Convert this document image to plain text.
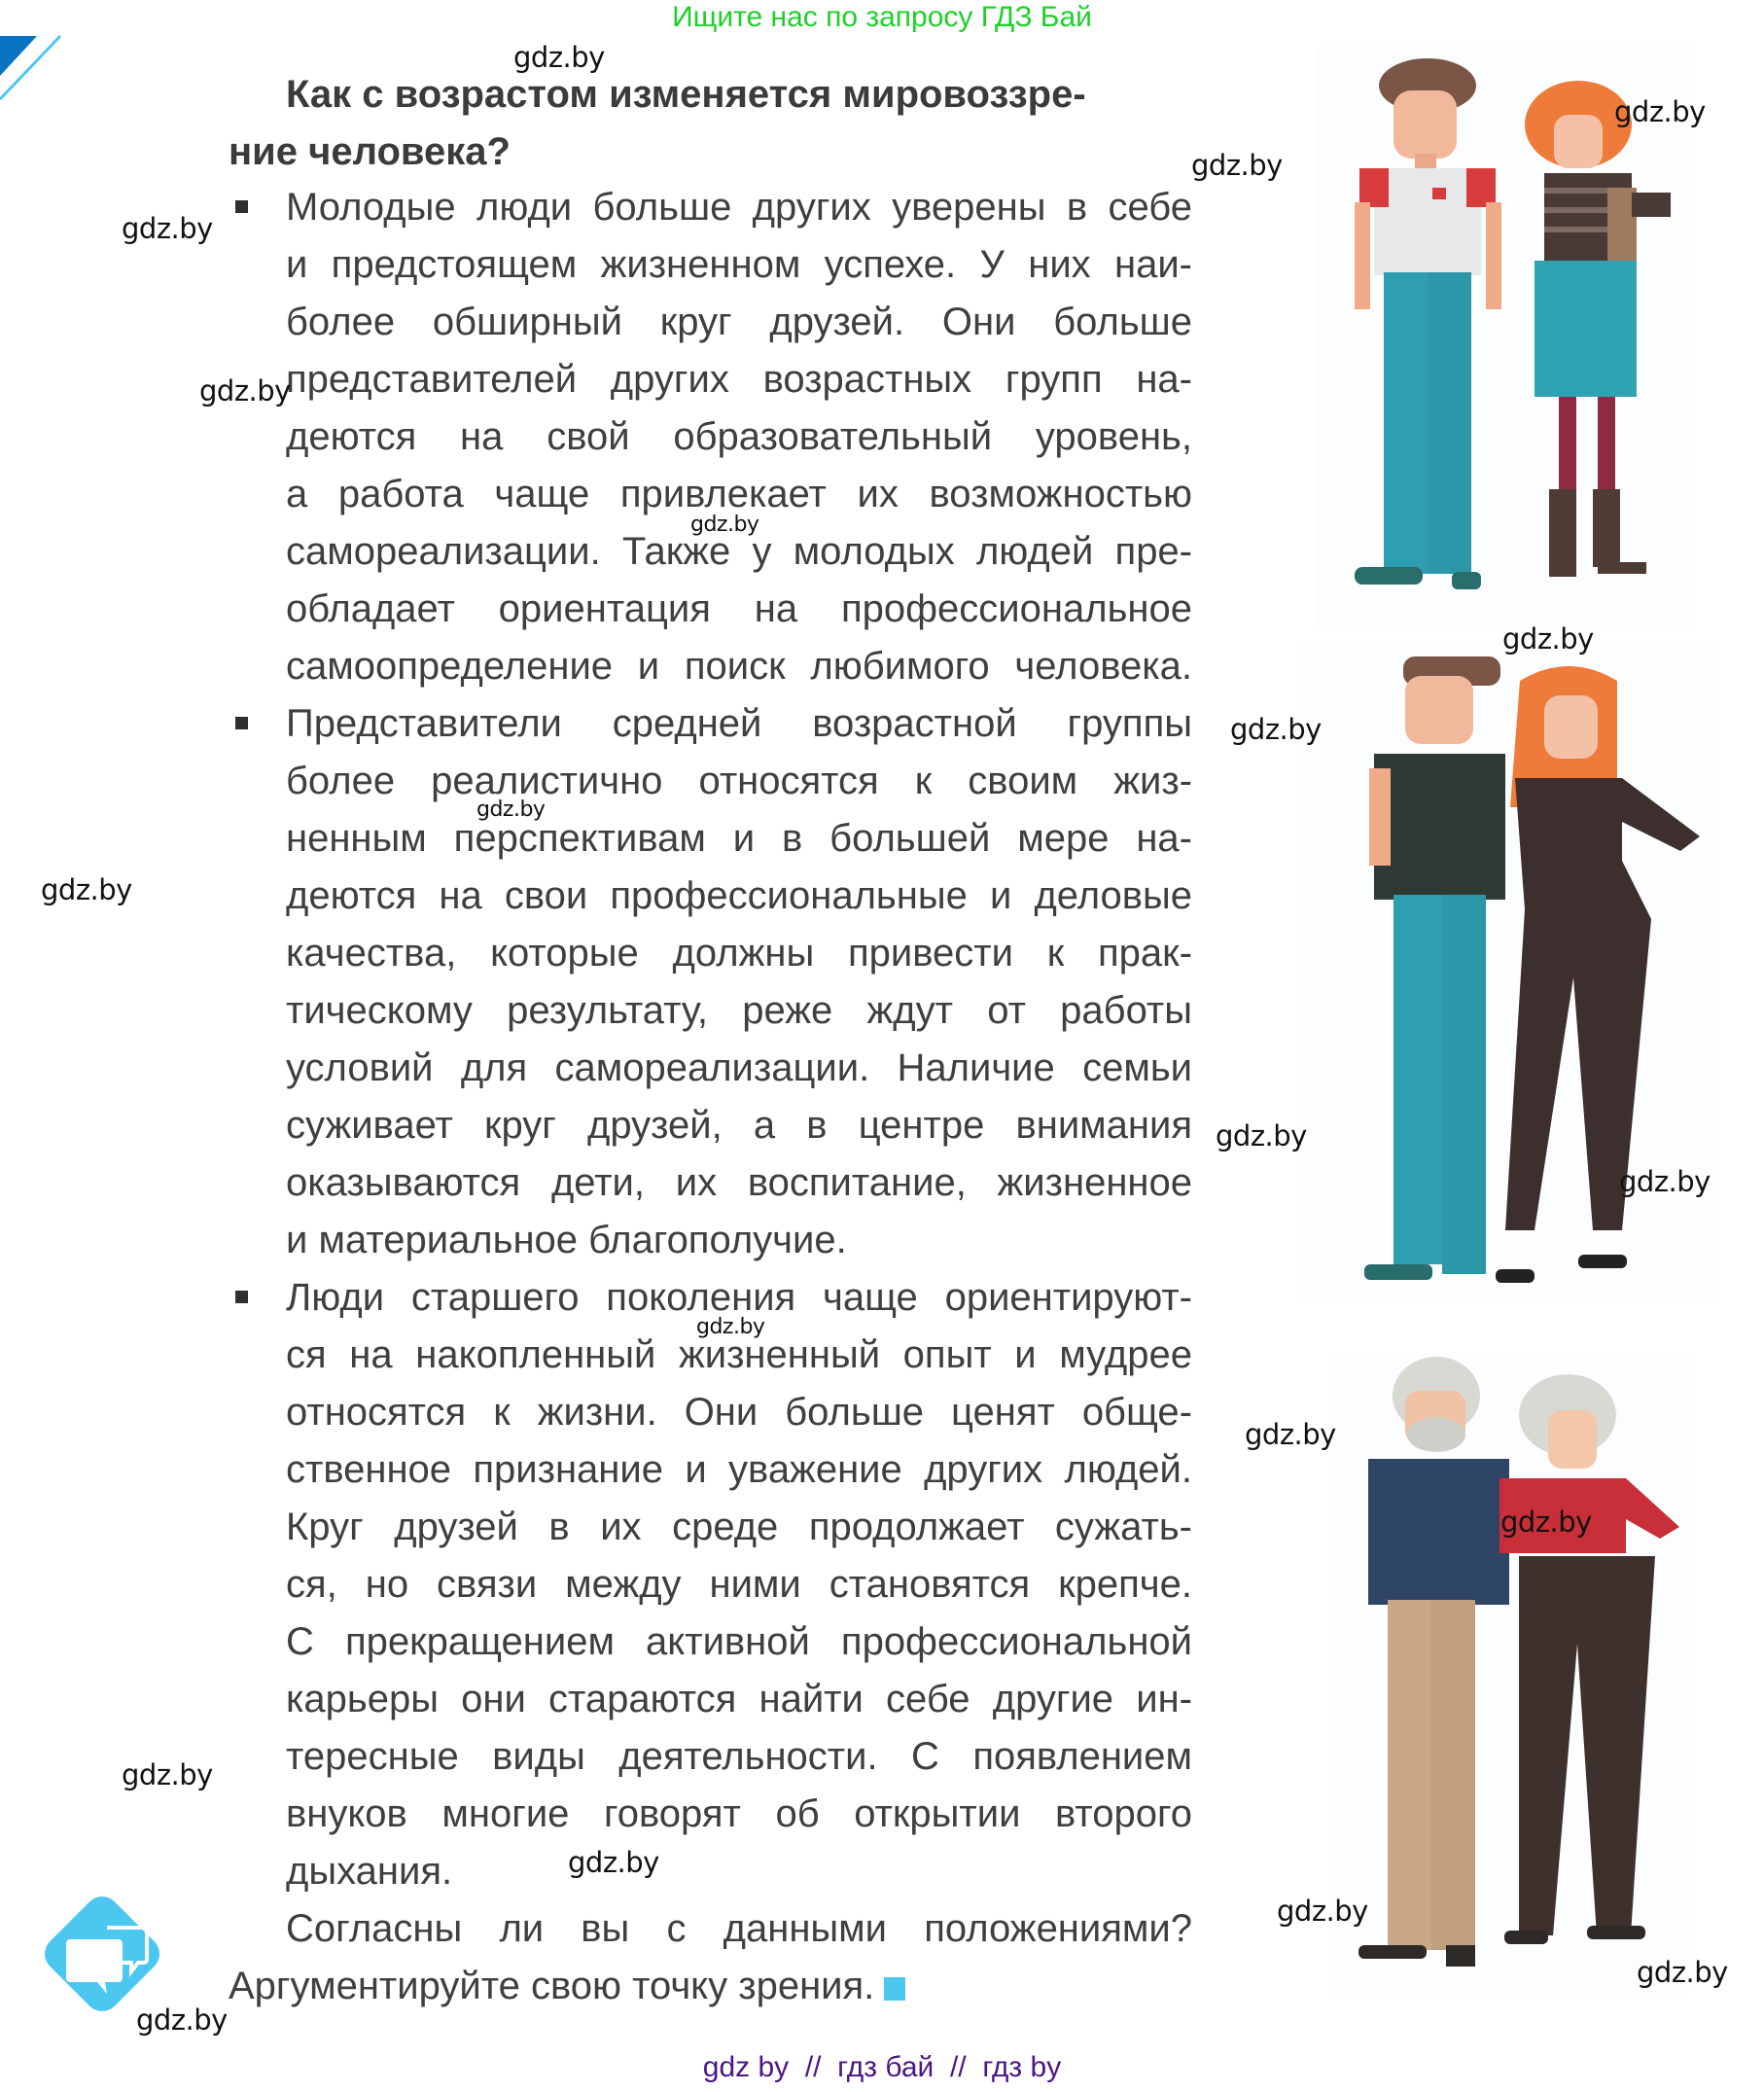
Ищите нас по запросу ГДЗ Бай
Как с возрастом изменяется мировоззре-
ние человека?
Молодые люди больше других уверены в себе
и предстоящем жизненном успехе. У них наи-
более обширный круг друзей. Они больше
представителей других возрастных групп на-
деются на свой образовательный уровень,
а работа чаще привлекает их возможностью
самореализации. Также у молодых людей пре-
обладает ориентация на профессиональное
самоопределение и поиск любимого человека.
Представители средней возрастной группы
более реалистично относятся к своим жиз-
ненным перспективам и в большей мере на-
деются на свои профессиональные и деловые
качества, которые должны привести к прак-
тическому результату, реже ждут от работы
условий для самореализации. Наличие семьи
суживает круг друзей, а в центре внимания
оказываются дети, их воспитание, жизненное
и материальное благополучие.
Люди старшего поколения чаще ориентируют-
ся на накопленный жизненный опыт и мудрее
относятся к жизни. Они больше ценят обще-
ственное признание и уважение других людей.
Круг друзей в их среде продолжает сужать-
ся, но связи между ними становятся крепче.
С прекращением активной профессиональной
карьеры они стараются найти себе другие ин-
тересные виды деятельности. С появлением
внуков многие говорят об открытии второго
дыхания.
Согласны ли вы с данными положениями?
Аргументируйте свою точку зрения.
gdz.by
gdz.by
gdz.by
gdz.by
gdz.by
gdz.by
gdz.by
gdz.by
gdz.by
gdz.by
gdz.by
gdz.by
gdz.by
gdz.by
gdz.by
gdz.by
gdz.by
gdz.by
gdz.by
gdz.by
gdz by  //  гдз бай  //  гдз by
